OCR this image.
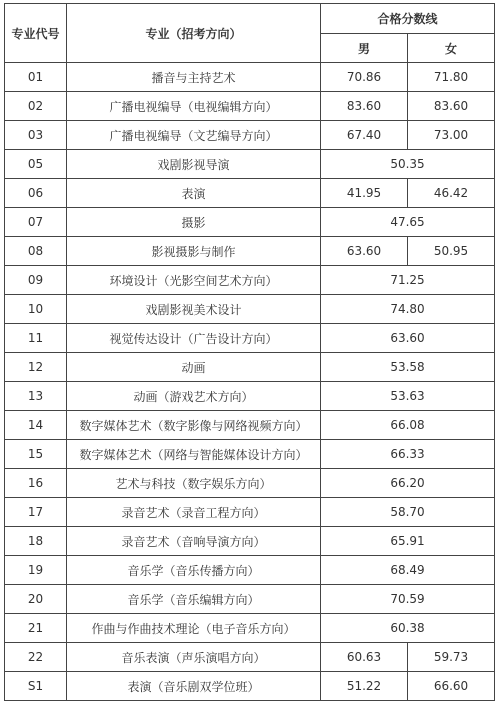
专业代号	专业（招考方向）	合格分数线	
		男	女
01	播音与主持艺术	70.86	71.80
02	广播电视编导（电视编辑方向）	83.60	83.60
03	广播电视编导（文艺编导方向）	67.40	73.00
05	戏剧影视导演	50.35	
06	表演	41.95	46.42
07	摄影	47.65	
08	影视摄影与制作	63.60	50.95
09	环境设计（光影空间艺术方向）	71.25	
10	戏剧影视美术设计	74.80	
11	视觉传达设计（广告设计方向）	63.60	
12	动画	53.58	
13	动画（游戏艺术方向）	53.63	
14	数字媒体艺术（数字影像与网络视频方向）	66.08	
15	数字媒体艺术（网络与智能媒体设计方向）	66.33	
16	艺术与科技（数字娱乐方向）	66.20	
17	录音艺术（录音工程方向）	58.70	
18	录音艺术（音响导演方向）	65.91	
19	音乐学（音乐传播方向）	68.49	
20	音乐学（音乐编辑方向）	70.59	
21	作曲与作曲技术理论（电子音乐方向）	60.38	
22	音乐表演（声乐演唱方向）	60.63	59.73
S1	表演（音乐剧双学位班）	51.22	66.60
